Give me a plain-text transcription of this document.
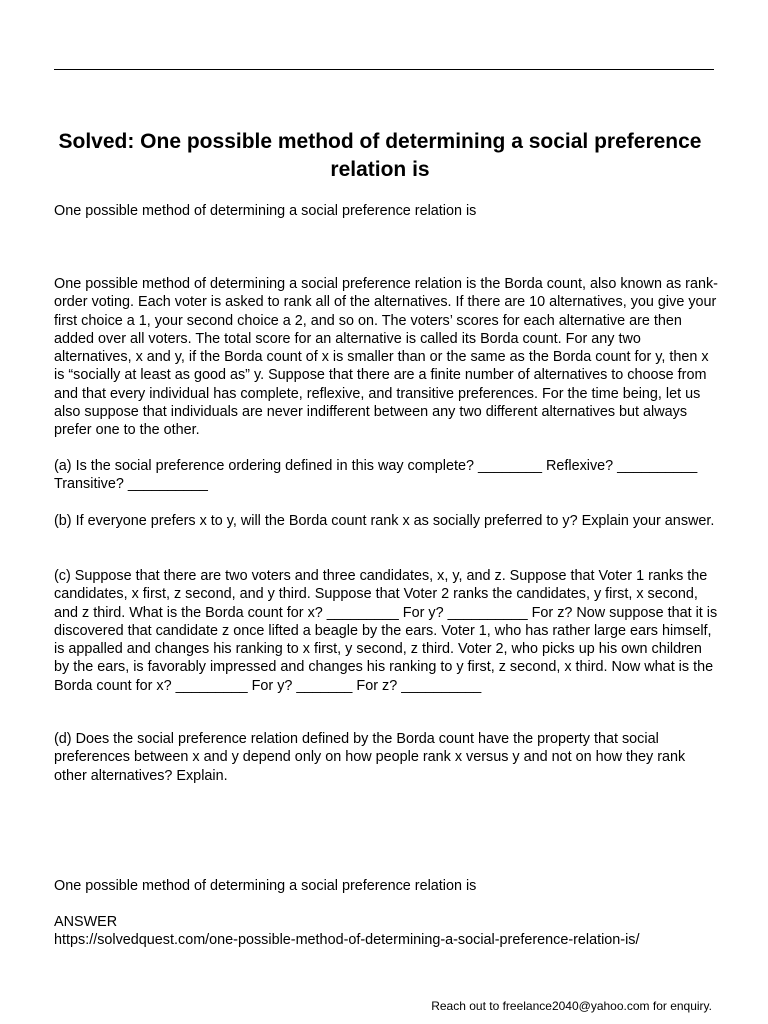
Solved: One possible method of determining a social preference relation is

One possible method of determining a social preference relation is

One possible method of determining a social preference relation is the Borda count, also known as rank-order voting. Each voter is asked to rank all of the alternatives. If there are 10 alternatives, you give your first choice a 1, your second choice a 2, and so on. The voters’ scores for each alternative are then added over all voters. The total score for an alternative is called its Borda count. For any two alternatives, x and y, if the Borda count of x is smaller than or the same as the Borda count for y, then x is “socially at least as good as” y. Suppose that there are a finite number of alternatives to choose from and that every individual has complete, reflexive, and transitive preferences. For the time being, let us also suppose that individuals are never indifferent between any two different alternatives but always prefer one to the other.

(a) Is the social preference ordering defined in this way complete? ________ Reflexive? __________ Transitive? __________

(b) If everyone prefers x to y, will the Borda count rank x as socially preferred to y? Explain your answer.

(c) Suppose that there are two voters and three candidates, x, y, and z. Suppose that Voter 1 ranks the candidates, x first, z second, and y third. Suppose that Voter 2 ranks the candidates, y first, x second, and z third. What is the Borda count for x? _________ For y? __________ For z? Now suppose that it is discovered that candidate z once lifted a beagle by the ears. Voter 1, who has rather large ears himself, is appalled and changes his ranking to x first, y second, z third. Voter 2, who picks up his own children by the ears, is favorably impressed and changes his ranking to y first, z second, x third. Now what is the Borda count for x? _________ For y? _______ For z? __________

(d) Does the social preference relation defined by the Borda count have the property that social preferences between x and y depend only on how people rank x versus y and not on how they rank other alternatives? Explain.

One possible method of determining a social preference relation is

ANSWER

https://solvedquest.com/one-possible-method-of-determining-a-social-preference-relation-is/

Reach out to freelance2040@yahoo.com for enquiry.
